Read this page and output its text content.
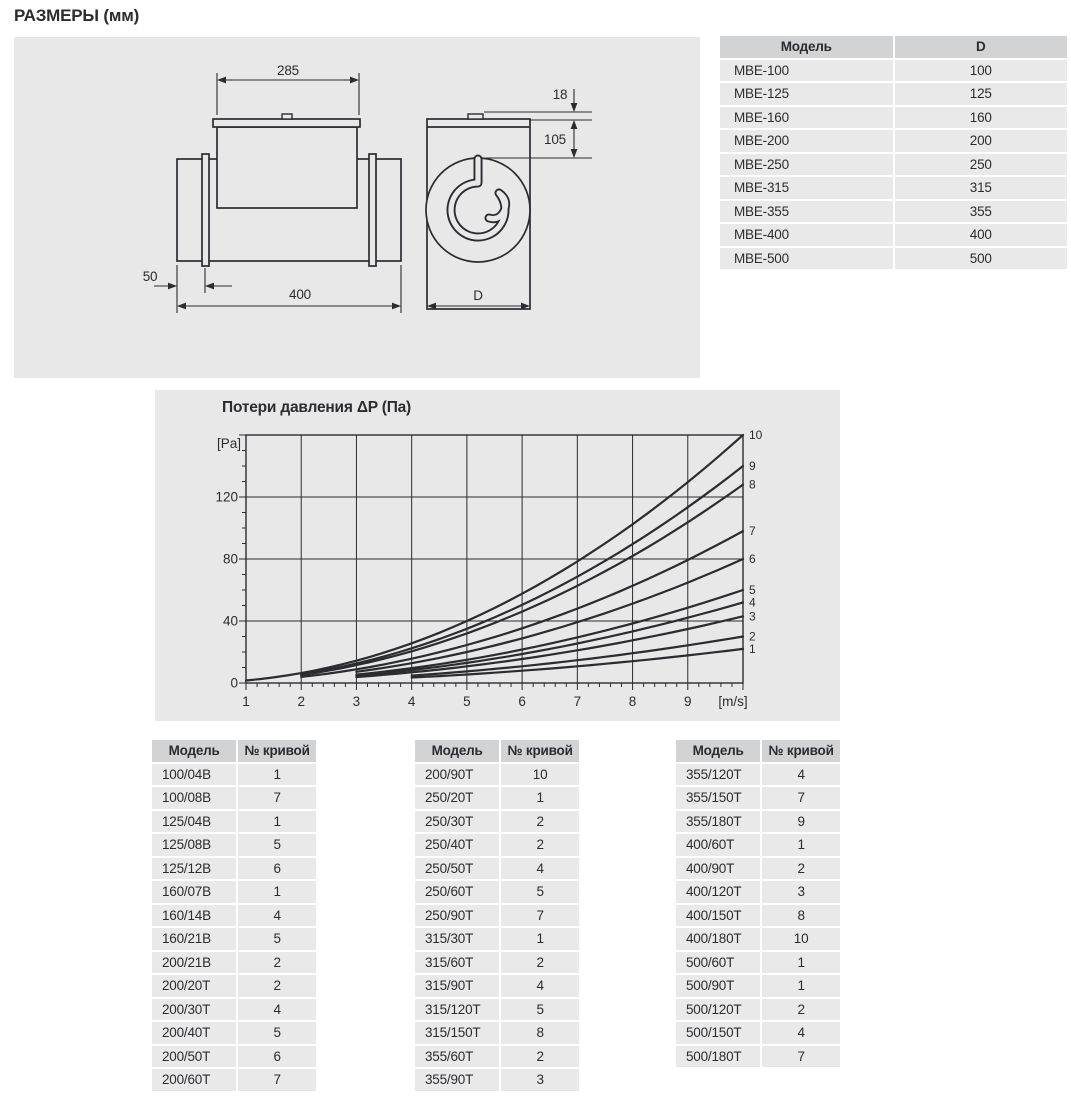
РАЗМЕРЫ (мм)
285
50
400
18
105
D
Модель	D
МВЕ-100	100
МВЕ-125	125
МВЕ-160	160
МВЕ-200	200
МВЕ-250	250
МВЕ-315	315
МВЕ-355	355
МВЕ-400	400
МВЕ-500	500
Потери давления ΔP (Па)
1	2	3	4	5	6	7	8	9 [m/s]
0
40
80
120
[Pa]
1
2
3
4
5
6
7
8
9
10
Модель	№ кривой
100/04B	1
100/08B	7
125/04B	1
125/08B	5
125/12B	6
160/07B	1
160/14B	4
160/21B	5
200/21B	2
200/20T	2
200/30T	4
200/40T	5
200/50T	6
200/60T	7
Модель	№ кривой
200/90T	10
250/20T	1
250/30T	2
250/40T	2
250/50T	4
250/60T	5
250/90T	7
315/30T	1
315/60T	2
315/90T	4
315/120T	5
315/150T	8
355/60T	2
355/90T	3
Модель	№ кривой
355/120T	4
355/150T	7
355/180T	9
400/60T	1
400/90T	2
400/120T	3
400/150T	8
400/180T	10
500/60T	1
500/90T	1
500/120T	2
500/150T	4
500/180T	7
